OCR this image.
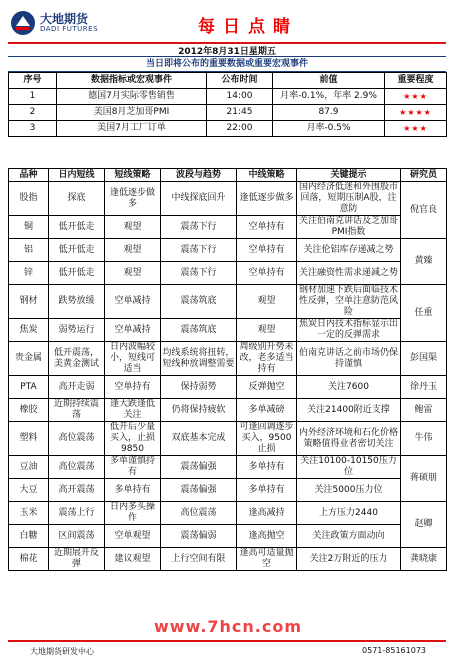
大地期货
DADI FUTURES	每日点睛
2012年8月31日星期五
当日即将公布的重要数据或重要宏观事件
序号	数据指标或宏观事件	公布时间	前值	重要程度
1	德国7月实际零售销售	14:00	月率-0.1%，年率 2.9%	★★★
2	美国8月芝加哥PMI	21:45	87.9	★★★★
3	美国7月工厂订单	22:00	月率-0.5%	★★★
品种	日内短线	短线策略	波段与趋势	中线策略	关键提示	研究员
股指	探底	逢低逐步做多	中线探底回升	逢低逐步做多	国内经济低迷和外围股市回落，短期压制A股，注意防	倪官良
铜	低开低走	观望	震荡下行	空单持有	关注伯南克讲话及芝加哥PMI指数	
铝	低开低走	观望	震荡下行	空单持有	关注伦铝库存递减之势	黄臻
锌	低开低走	观望	震荡下行	空单持有	关注融资性需求递减之势	
钢材	跌势放缓	空单减持	震荡筑底	观望	钢材加速下跌后面临技术性反弹，空单注意防范风险	任重
焦炭	弱势运行	空单减持	震荡筑底	观望	焦炭日内技术指标显示出一定的反弹需求	
贵金属	低开震荡，美黄金测试	日内波幅较小，短线可适当	均线系统将扭转，短线种放调整需要	周级别升势未改，老多适当持有	伯南克讲话之前市场仍保持谨慎	彭国渠
PTA	高开走弱	空单持有	保持弱势	反弹抛空	关注7600	徐丹玉
橡胶	近期持续震荡	逢大跌逢低关注	仍将保持疲软	多单减磅	关注21400附近支撑	鲍雷
塑料	高位震荡	低开后少量买入，止损9850	双底基本完成	可逢回调逐步买入，9500止损	内外经济环境和石化价格策略值得业者密切关注	牛伟
豆油	高位震荡	多单谨慎持有	震荡偏强	多单持有	关注10100-10150压力位	蒋硕朋
大豆	高开震荡	多单持有	震荡偏强	多单持有	关注5000压力位	
玉米	震荡上行	日内多头操作	高位震荡	逢高减持	上方压力2440	赵卿
白糖	区间震荡	空单观望	震荡偏弱	逢高抛空	关注政策方面动向	
棉花	近期展开反弹	建议观望	上行空间有限	逢高可适量抛空	关注2万附近的压力	龚晓康
www.7hcn.com
大地期货研发中心	0571-85161073
